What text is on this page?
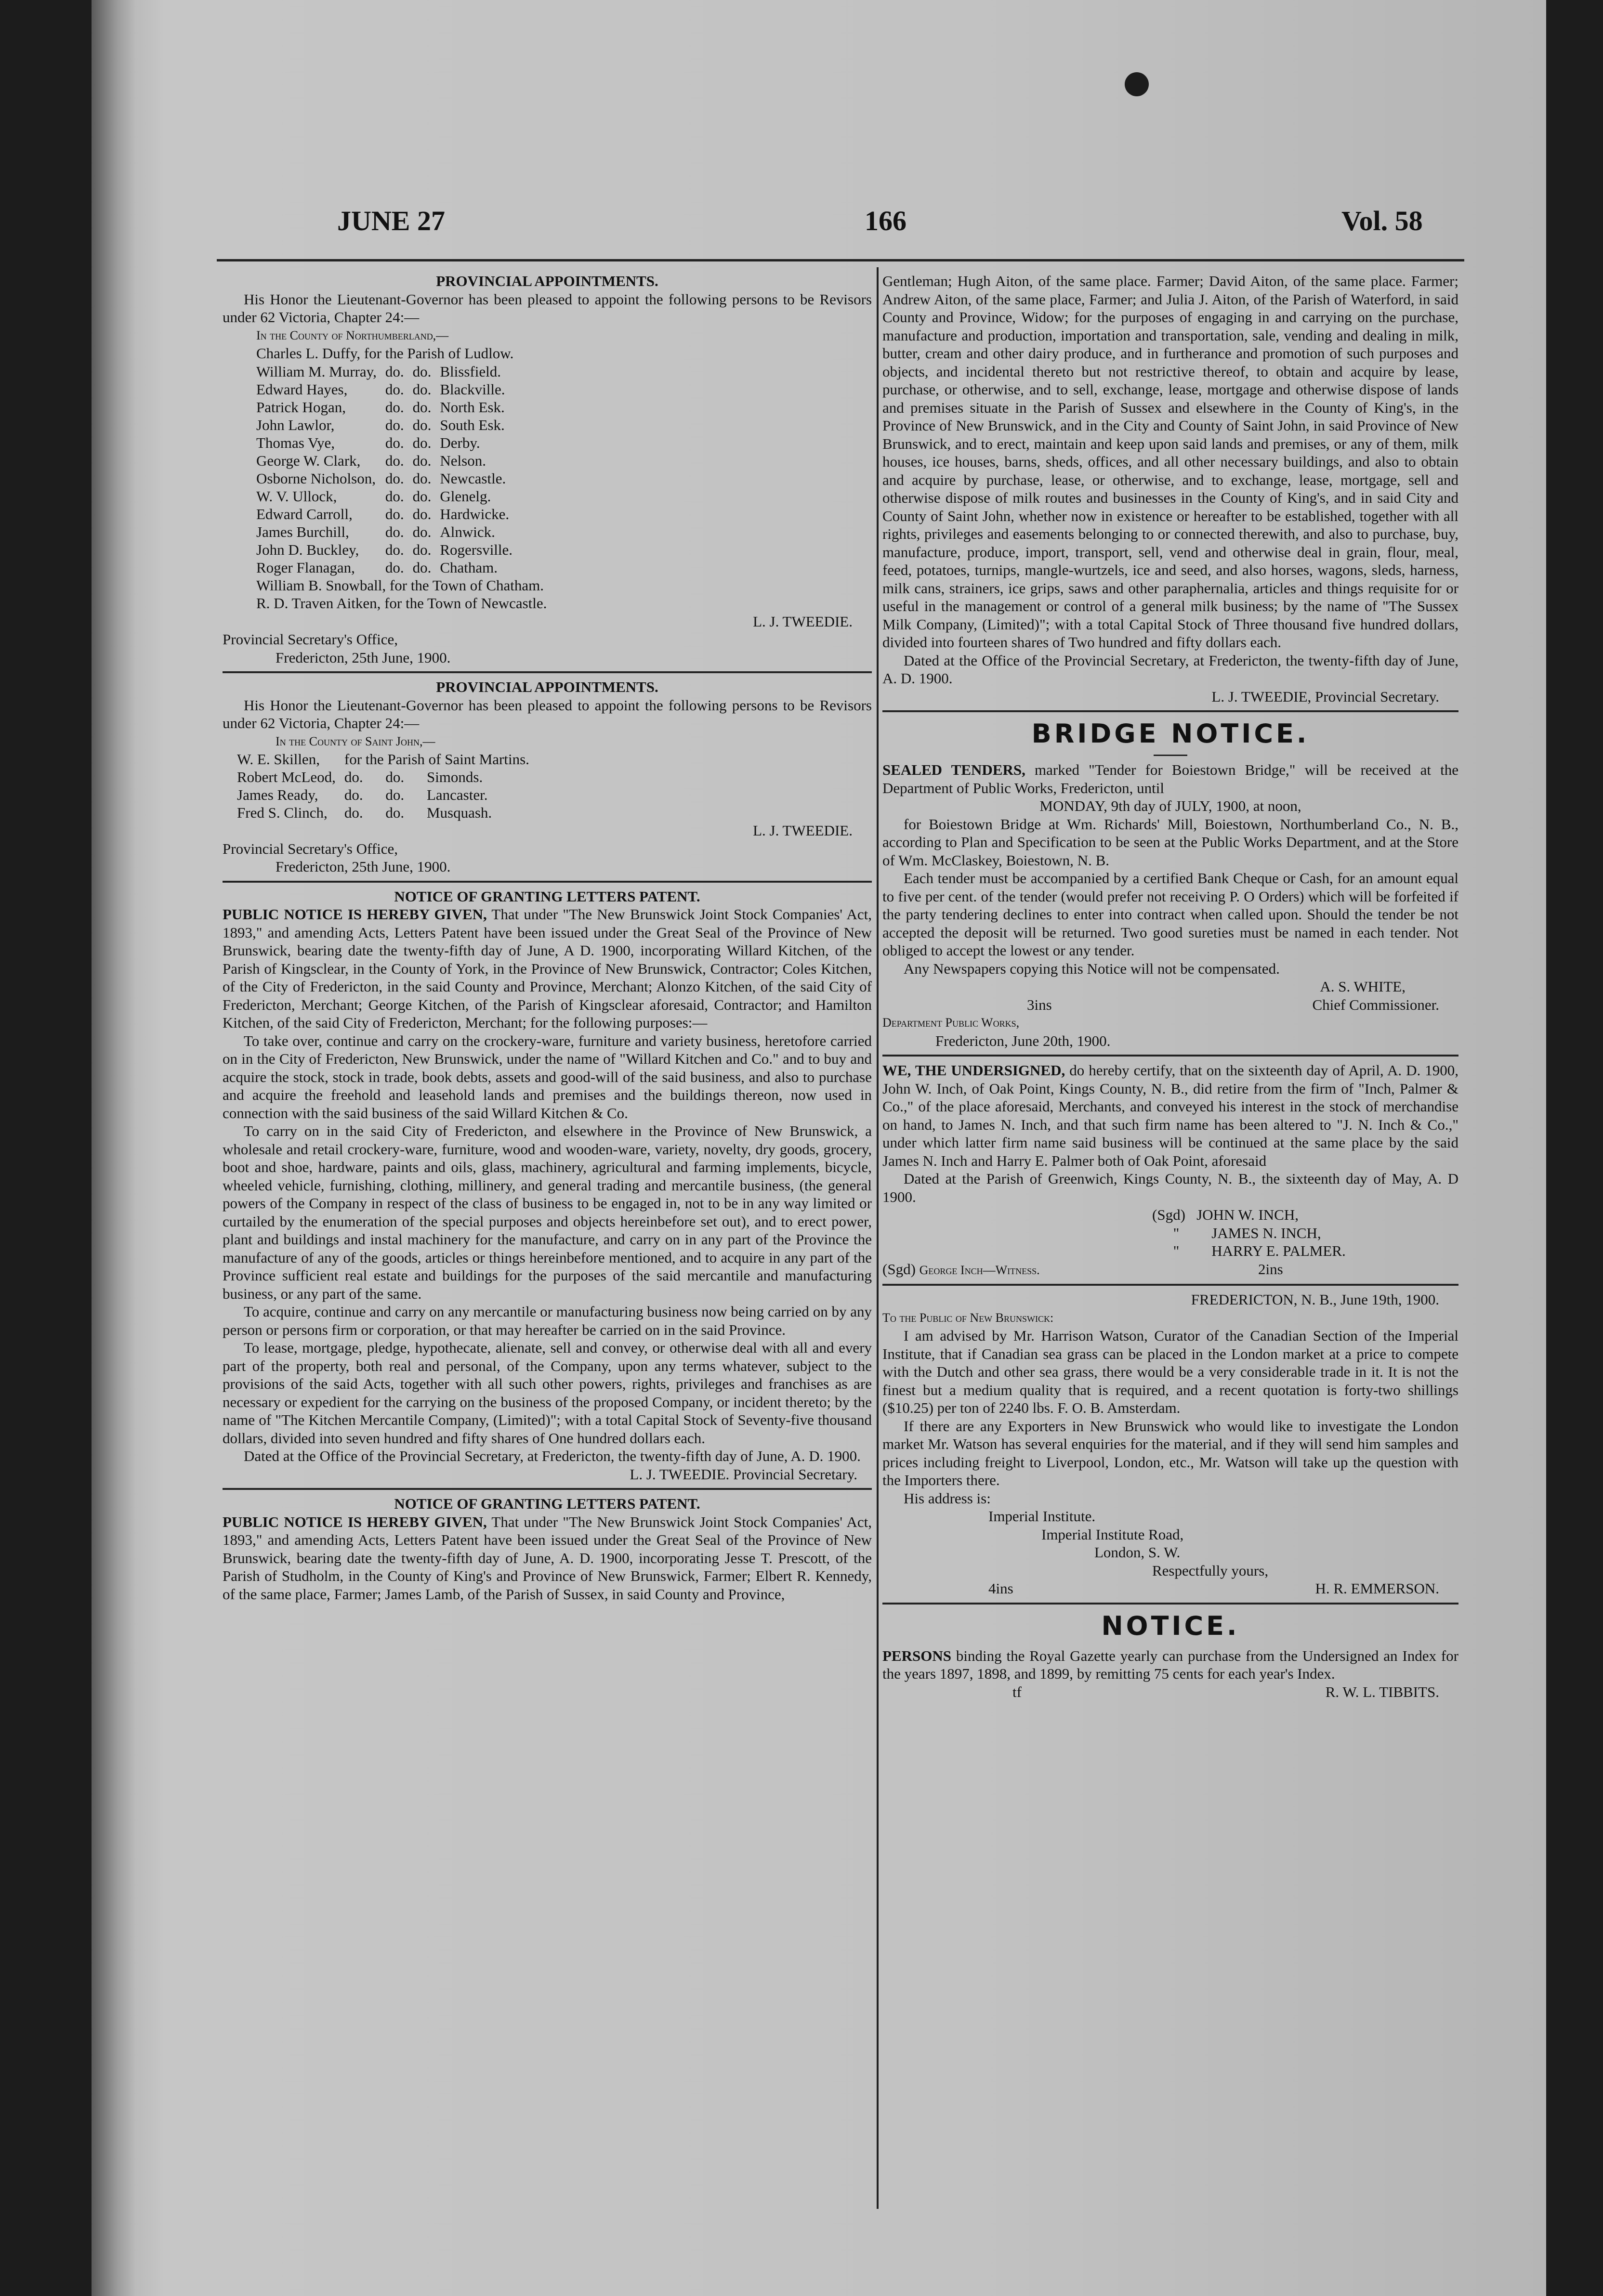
JUNE 27	166	Vol. 58

PROVINCIAL APPOINTMENTS.

His Honor the Lieutenant-Governor has been pleased to appoint the following persons to be Revisors under 62 Victoria, Chapter 24:—

In the County of Northumberland,—

Charles L. Duffy, for the Parish of Ludlow.

William M. Murray,	do.	do.	Blissfield.
Edward Hayes,	do.	do.	Blackville.
Patrick Hogan,	do.	do.	North Esk.
John Lawlor,	do.	do.	South Esk.
Thomas Vye,	do.	do.	Derby.
George W. Clark,	do.	do.	Nelson.
Osborne Nicholson,	do.	do.	Newcastle.
W. V. Ullock,	do.	do.	Glenelg.
Edward Carroll,	do.	do.	Hardwicke.
James Burchill,	do.	do.	Alnwick.
John D. Buckley,	do.	do.	Rogersville.
Roger Flanagan,	do.	do.	Chatham.

William B. Snowball, for the Town of Chatham.

R. D. Traven Aitken, for the Town of Newcastle.

L. J. TWEEDIE.

Provincial Secretary's Office,

Fredericton, 25th June, 1900.

PROVINCIAL APPOINTMENTS.

His Honor the Lieutenant-Governor has been pleased to appoint the following persons to be Revisors under 62 Victoria, Chapter 24:—

In the County of Saint John,—

W. E. Skillen,	for the Parish of Saint Martins.		
Robert McLeod,	do.	do.	Simonds.
James Ready,	do.	do.	Lancaster.
Fred S. Clinch,	do.	do.	Musquash.

L. J. TWEEDIE.

Provincial Secretary's Office,

Fredericton, 25th June, 1900.

NOTICE OF GRANTING LETTERS PATENT.

PUBLIC NOTICE IS HEREBY GIVEN, That under "The New Brunswick Joint Stock Companies' Act, 1893," and amending Acts, Letters Patent have been issued under the Great Seal of the Province of New Brunswick, bearing date the twenty-fifth day of June, A D. 1900, incorporating Willard Kitchen, of the Parish of Kingsclear, in the County of York, in the Province of New Brunswick, Contractor; Coles Kitchen, of the City of Fredericton, in the said County and Province, Merchant; Alonzo Kitchen, of the said City of Fredericton, Merchant; George Kitchen, of the Parish of Kingsclear aforesaid, Contractor; and Hamilton Kitchen, of the said City of Fredericton, Merchant; for the following purposes:—

To take over, continue and carry on the crockery-ware, furniture and variety business, heretofore carried on in the City of Fredericton, New Brunswick, under the name of "Willard Kitchen and Co." and to buy and acquire the stock, stock in trade, book debts, assets and good-will of the said business, and also to purchase and acquire the freehold and leasehold lands and premises and the buildings thereon, now used in connection with the said business of the said Willard Kitchen & Co.

To carry on in the said City of Fredericton, and elsewhere in the Province of New Brunswick, a wholesale and retail crockery-ware, furniture, wood and wooden-ware, variety, novelty, dry goods, grocery, boot and shoe, hardware, paints and oils, glass, machinery, agricultural and farming implements, bicycle, wheeled vehicle, furnishing, clothing, millinery, and general trading and mercantile business, (the general powers of the Company in respect of the class of business to be engaged in, not to be in any way limited or curtailed by the enumeration of the special purposes and objects hereinbefore set out), and to erect power, plant and buildings and instal machinery for the manufacture, and carry on in any part of the Province the manufacture of any of the goods, articles or things hereinbefore mentioned, and to acquire in any part of the Province sufficient real estate and buildings for the purposes of the said mercantile and manufacturing business, or any part of the same.

To acquire, continue and carry on any mercantile or manufacturing business now being carried on by any person or persons firm or corporation, or that may hereafter be carried on in the said Province.

To lease, mortgage, pledge, hypothecate, alienate, sell and convey, or otherwise deal with all and every part of the property, both real and personal, of the Company, upon any terms whatever, subject to the provisions of the said Acts, together with all such other powers, rights, privileges and franchises as are necessary or expedient for the carrying on the business of the proposed Company, or incident thereto; by the name of "The Kitchen Mercantile Company, (Limited)"; with a total Capital Stock of Seventy-five thousand dollars, divided into seven hundred and fifty shares of One hundred dollars each.

Dated at the Office of the Provincial Secretary, at Fredericton, the twenty-fifth day of June, A. D. 1900.

L. J. TWEEDIE. Provincial Secretary.

NOTICE OF GRANTING LETTERS PATENT.

PUBLIC NOTICE IS HEREBY GIVEN, That under "The New Brunswick Joint Stock Companies' Act, 1893," and amending Acts, Letters Patent have been issued under the Great Seal of the Province of New Brunswick, bearing date the twenty-fifth day of June, A. D. 1900, incorporating Jesse T. Prescott, of the Parish of Studholm, in the County of King's and Province of New Brunswick, Farmer; Elbert R. Kennedy, of the same place, Farmer; James Lamb, of the Parish of Sussex, in said County and Province,

Gentleman; Hugh Aiton, of the same place. Farmer; David Aiton, of the same place. Farmer; Andrew Aiton, of the same place, Farmer; and Julia J. Aiton, of the Parish of Waterford, in said County and Province, Widow; for the purposes of engaging in and carrying on the purchase, manufacture and production, importation and transportation, sale, vending and dealing in milk, butter, cream and other dairy produce, and in furtherance and promotion of such purposes and objects, and incidental thereto but not restrictive thereof, to obtain and acquire by lease, purchase, or otherwise, and to sell, exchange, lease, mortgage and otherwise dispose of lands and premises situate in the Parish of Sussex and elsewhere in the County of King's, in the Province of New Brunswick, and in the City and County of Saint John, in said Province of New Brunswick, and to erect, maintain and keep upon said lands and premises, or any of them, milk houses, ice houses, barns, sheds, offices, and all other necessary buildings, and also to obtain and acquire by purchase, lease, or otherwise, and to exchange, lease, mortgage, sell and otherwise dispose of milk routes and businesses in the County of King's, and in said City and County of Saint John, whether now in existence or hereafter to be established, together with all rights, privileges and easements belonging to or connected therewith, and also to purchase, buy, manufacture, produce, import, transport, sell, vend and otherwise deal in grain, flour, meal, feed, potatoes, turnips, mangle-wurtzels, ice and seed, and also horses, wagons, sleds, harness, milk cans, strainers, ice grips, saws and other paraphernalia, articles and things requisite for or useful in the management or control of a general milk business; by the name of "The Sussex Milk Company, (Limited)"; with a total Capital Stock of Three thousand five hundred dollars, divided into fourteen shares of Two hundred and fifty dollars each.

Dated at the Office of the Provincial Secretary, at Fredericton, the twenty-fifth day of June, A. D. 1900.

L. J. TWEEDIE, Provincial Secretary.

BRIDGE NOTICE.

SEALED TENDERS, marked "Tender for Boiestown Bridge," will be received at the Department of Public Works, Fredericton, until

MONDAY, 9th day of JULY, 1900, at noon,

for Boiestown Bridge at Wm. Richards' Mill, Boiestown, Northumberland Co., N. B., according to Plan and Specification to be seen at the Public Works Department, and at the Store of Wm. McClaskey, Boiestown, N. B.

Each tender must be accompanied by a certified Bank Cheque or Cash, for an amount equal to five per cent. of the tender (would prefer not receiving P. O Orders) which will be forfeited if the party tendering declines to enter into contract when called upon. Should the tender be not accepted the deposit will be returned. Two good sureties must be named in each tender. Not obliged to accept the lowest or any tender.

Any Newspapers copying this Notice will not be compensated.

A. S. WHITE,

3ins	Chief Commissioner.

Department Public Works,

Fredericton, June 20th, 1900.

WE, THE UNDERSIGNED, do hereby certify, that on the sixteenth day of April, A. D. 1900, John W. Inch, of Oak Point, Kings County, N. B., did retire from the firm of "Inch, Palmer & Co.," of the place aforesaid, Merchants, and conveyed his interest in the stock of merchandise on hand, to James N. Inch, and that such firm name has been altered to "J. N. Inch & Co.," under which latter firm name said business will be continued at the same place by the said James N. Inch and Harry E. Palmer both of Oak Point, aforesaid

Dated at the Parish of Greenwich, Kings County, N. B., the sixteenth day of May, A. D 1900.

(Sgd) JOHN W. INCH,

" JAMES N. INCH,

" HARRY E. PALMER.

(Sgd) George Inch—Witness.	2ins

FREDERICTON, N. B., June 19th, 1900.

To the Public of New Brunswick:

I am advised by Mr. Harrison Watson, Curator of the Canadian Section of the Imperial Institute, that if Canadian sea grass can be placed in the London market at a price to compete with the Dutch and other sea grass, there would be a very considerable trade in it. It is not the finest but a medium quality that is required, and a recent quotation is forty-two shillings ($10.25) per ton of 2240 lbs. F. O. B. Amsterdam.

If there are any Exporters in New Brunswick who would like to investigate the London market Mr. Watson has several enquiries for the material, and if they will send him samples and prices including freight to Liverpool, London, etc., Mr. Watson will take up the question with the Importers there.

His address is:

Imperial Institute.

Imperial Institute Road,

London, S. W.

Respectfully yours,

4ins	H. R. EMMERSON.

NOTICE.

PERSONS binding the Royal Gazette yearly can purchase from the Undersigned an Index for the years 1897, 1898, and 1899, by remitting 75 cents for each year's Index.

tf	R. W. L. TIBBITS.
